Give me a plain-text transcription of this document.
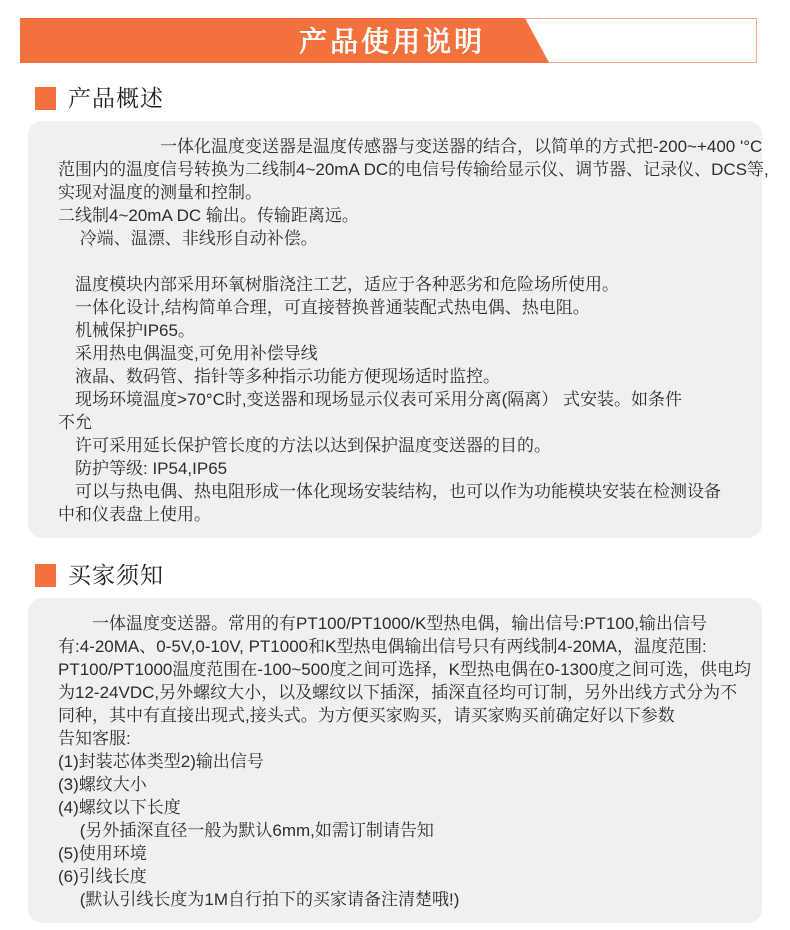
产品使用说明
产品概述
　　　　　　一体化温度变送器是温度传感器与变送器的结合，以简单的方式把-200~+400 '°C
范围内的温度信号转换为二线制4~20mA DC的电信号传输给显示仪、调节器、记录仪、DCS等,
实现对温度的测量和控制。
二线制4~20mA DC 输出。传输距离远。
　 冷端、温漂、非线形自动补偿。
　温度模块内部采用环氧树脂浇注工艺，适应于各种恶劣和危险场所使用。
　一体化设计,结构简单合理，可直接替换普通装配式热电偶、热电阻。
　机械保护IP65。
　采用热电偶温变,可免用补偿导线
　液晶、数码管、指针等多种指示功能方便现场适时监控。
　现场环境温度>70°C时,变送器和现场显示仪表可采用分离(隔离） 式安装。如条件
不允
　许可采用延长保护管长度的方法以达到保护温度变送器的目的。
　防护等级: IP54,IP65
　可以与热电偶、热电阻形成一体化现场安装结构，也可以作为功能模块安装在检测设备
中和仪表盘上使用。
买家须知
　　一体温度变送器。常用的有PT100/PT1000/K型热电偶，输出信号:PT100,输出信号
有:4-20MA、0-5V,0-10V, PT1000和K型热电偶输出信号只有两线制4-20MA，温度范围:
PT100/PT1000温度范围在-100~500度之间可选择，K型热电偶在0-1300度之间可选，供电均
为12-24VDC,另外螺纹大小，以及螺纹以下插深，插深直径均可订制，另外出线方式分为不
同种，其中有直接出现式,接头式。为方便买家购买，请买家购买前确定好以下参数
告知客服:
(1)封装芯体类型2)输出信号
(3)螺纹大小
(4)螺纹以下长度
　 (另外插深直径一般为默认6mm,如需订制请告知
(5)使用环境
(6)引线长度
　 (默认引线长度为1M自行拍下的买家请备注清楚哦!)
